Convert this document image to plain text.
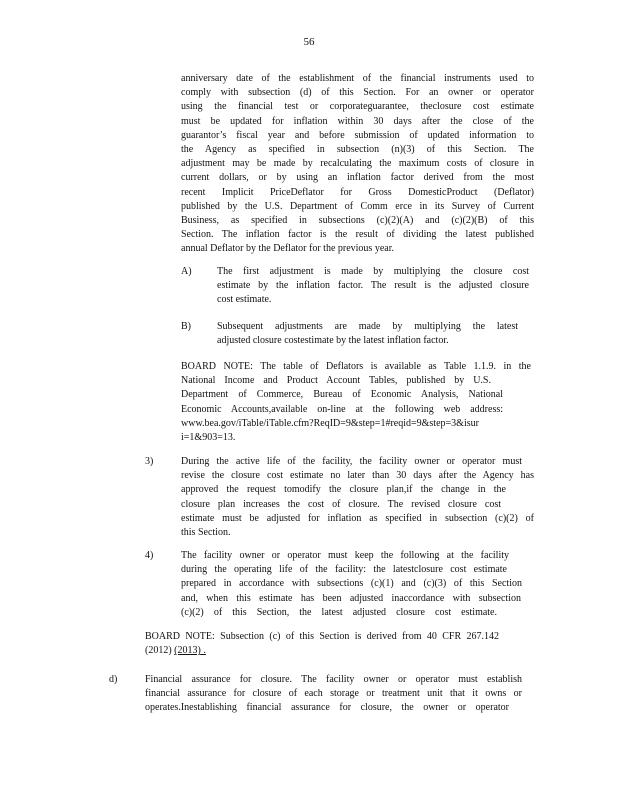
56
anniversary date of the establishment of the financial instruments used to
comply with subsection (d) of this Section. For an owner or operator
using the financial test or corporateguarantee, theclosure cost estimate
must be updated for inflation within 30 days after the close of the
guarantor’s fiscal year and before submission of updated information to
the Agency as specified in subsection (n)(3) of this Section. The
adjustment may be made by recalculating the maximum costs of closure in
current dollars, or by using an inflation factor derived from the most
recent Implicit PriceDeflator for Gross DomesticProduct (Deflator)
published by the U.S. Department of Comm erce in its Survey of Current
Business, as specified in subsections (c)(2)(A) and (c)(2)(B) of this
Section. The inflation factor is the result of dividing the latest published
annual Deflator by the Deflator for the previous year.
A)	The first adjustment is made by multiplying the closure cost
estimate by the inflation factor. The result is the adjusted closure
cost estimate.
B)	Subsequent adjustments are made by multiplying the latest
adjusted closure costestimate by the latest inflation factor.
BOARD NOTE: The table of Deflators is available as Table 1.1.9. in the
National Income and Product Account Tables, published by U.S.
Department of Commerce, Bureau of Economic Analysis, National
Economic Accounts,available on-line at the following web address:
www.bea.gov/iTable/iTable.cfm?ReqID=9&step=1#reqid=9&step=3&isur
i=1&903=13.
3)	During the active life of the facility, the facility owner or operator must
revise the closure cost estimate no later than 30 days after the Agency has
approved the request tomodify the closure plan,if the change in the
closure plan increases the cost of closure. The revised closure cost
estimate must be adjusted for inflation as specified in subsection (c)(2) of
this Section.
4)	The facility owner or operator must keep the following at the facility
during the operating life of the facility: the latestclosure cost estimate
prepared in accordance with subsections (c)(1) and (c)(3) of this Section
and, when this estimate has been adjusted inaccordance with subsection
(c)(2) of this Section, the latest adjusted closure cost estimate.
BOARD NOTE: Subsection (c) of this Section is derived from 40 CFR 267.142
(2012) (2013) .
d)	Financial assurance for closure. The facility owner or operator must establish
financial assurance for closure of each storage or treatment unit that it owns or
operates.Inestablishing financial assurance for closure, the owner or operator
